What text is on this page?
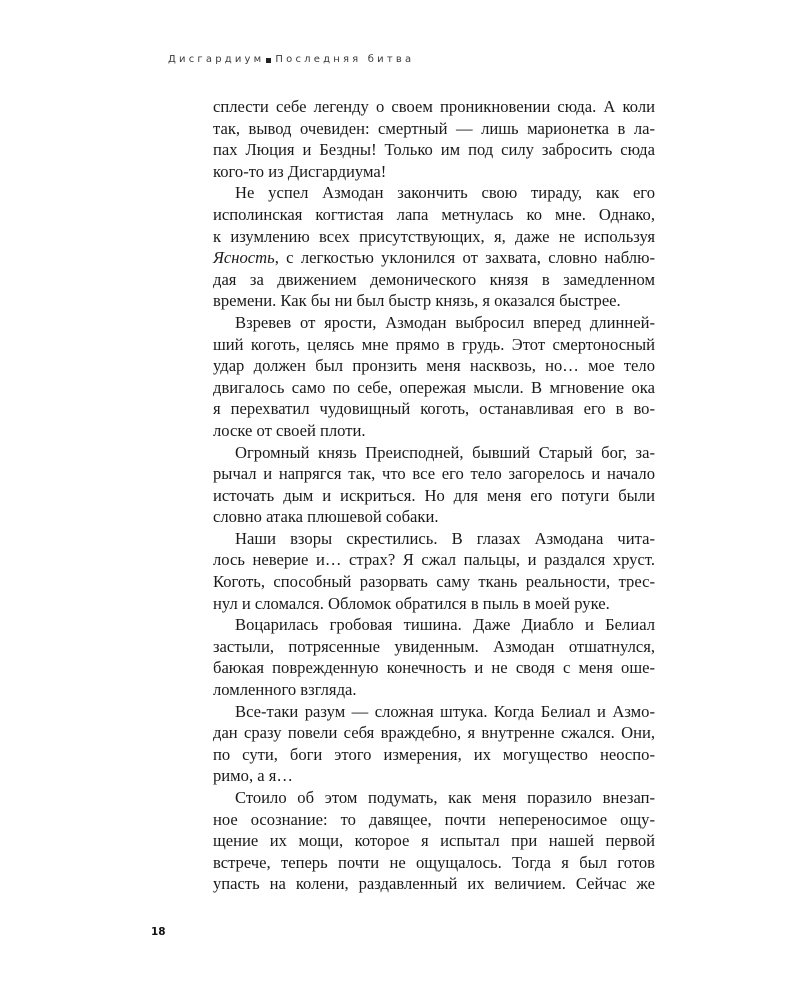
Дисгардиум Последняя битва
сплести себе легенду о своем проникновении сюда. А коли
так, вывод очевиден: смертный — лишь марионетка в ла-
пах Люция и Бездны! Только им под силу забросить сюда
кого-то из Дисгардиума!
Не успел Азмодан закончить свою тираду, как его
исполинская когтистая лапа метнулась ко мне. Однако,
к изумлению всех присутствующих, я, даже не используя
Ясность, с легкостью уклонился от захвата, словно наблю-
дая за движением демонического князя в замедленном
времени. Как бы ни был быстр князь, я оказался быстрее.
Взревев от ярости, Азмодан выбросил вперед длинней-
ший коготь, целясь мне прямо в грудь. Этот смертоносный
удар должен был пронзить меня насквозь, но… мое тело
двигалось само по себе, опережая мысли. В мгновение ока
я перехватил чудовищный коготь, останавливая его в во-
лоске от своей плоти.
Огромный князь Преисподней, бывший Старый бог, за-
рычал и напрягся так, что все его тело загорелось и начало
источать дым и искриться. Но для меня его потуги были
словно атака плюшевой собаки.
Наши взоры скрестились. В глазах Азмодана чита-
лось неверие и… страх? Я сжал пальцы, и раздался хруст.
Коготь, способный разорвать саму ткань реальности, трес-
нул и сломался. Обломок обратился в пыль в моей руке.
Воцарилась гробовая тишина. Даже Диабло и Белиал
застыли, потрясенные увиденным. Азмодан отшатнулся,
баюкая поврежденную конечность и не сводя с меня ошe-
ломленного взгляда.
Все-таки разум — сложная штука. Когда Белиал и Азмо-
дан сразу повели себя враждебно, я внутренне сжался. Они,
по сути, боги этого измерения, их могущество неоспо-
римо, а я…
Стоило об этом подумать, как меня поразило внезап-
ное осознание: то давящее, почти непереносимое ощу-
щение их мощи, которое я испытал при нашей первой
встрече, теперь почти не ощущалось. Тогда я был готов
упасть на колени, раздавленный их величием. Сейчас же
18
